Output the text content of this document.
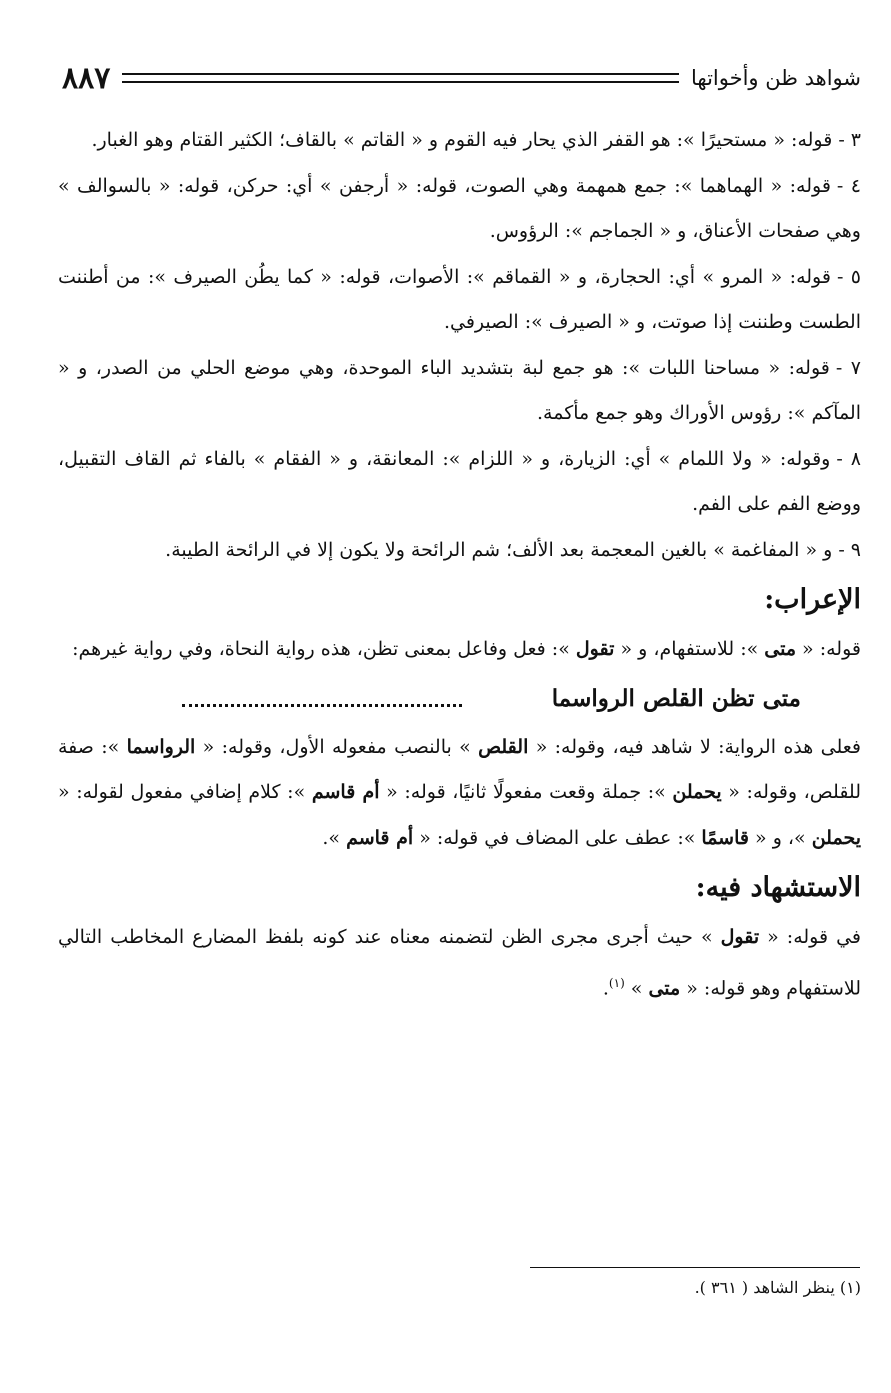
شواهد ظن وأخواتها
٨٨٧

٣ -قوله: « مستحيرًا »: هو القفر الذي يحار فيه القوم و « القاتم » بالقاف؛ الكثير القتام وهو الغبار.

٤ -قوله: « الهماهما »: جمع همهمة وهي الصوت، قوله: « أرجفن » أي: حركن، قوله: « بالسوالف » وهي صفحات الأعناق، و « الجماجم »: الرؤوس.

٥ -قوله: « المرو » أي: الحجارة، و « القماقم »: الأصوات، قوله: « كما يطُن الصيرف »: من أطننت الطست وطننت إذا صوتت، و « الصيرف »: الصيرفي.

٧ -قوله: « مساحنا اللبات »: هو جمع لبة بتشديد الباء الموحدة، وهي موضع الحلي من الصدر، و « المآكم »: رؤوس الأوراك وهو جمع مأكمة.

٨ -وقوله: « ولا اللمام » أي: الزيارة، و « اللزام »: المعانقة، و « الفقام » بالفاء ثم القاف التقبيل، ووضع الفم على الفم.

٩ -و « المفاغمة » بالغين المعجمة بعد الألف؛ شم الرائحة ولا يكون إلا في الرائحة الطيبة.

الإعراب:

قوله: « متى »: للاستفهام، و « تقول »: فعل وفاعل بمعنى تظن، هذه رواية النحاة، وفي رواية غيرهم:

متى تظن القلص الرواسما

فعلى هذه الرواية: لا شاهد فيه، وقوله: « القلص » بالنصب مفعوله الأول، وقوله: « الرواسما »: صفة للقلص، وقوله: « يحملن »: جملة وقعت مفعولًا ثانيًا، قوله: « أم قاسم »: كلام إضافي مفعول لقوله: « يحملن »، و « قاسمًا »: عطف على المضاف في قوله: « أم قاسم ».

الاستشهاد فيه:

في قوله: « تقول » حيث أجرى مجرى الظن لتضمنه معناه عند كونه بلفظ المضارع المخاطب التالي للاستفهام وهو قوله: « متى » $^{(١)}$.

(١) ينظر الشاهد ( ٣٦١ ).
